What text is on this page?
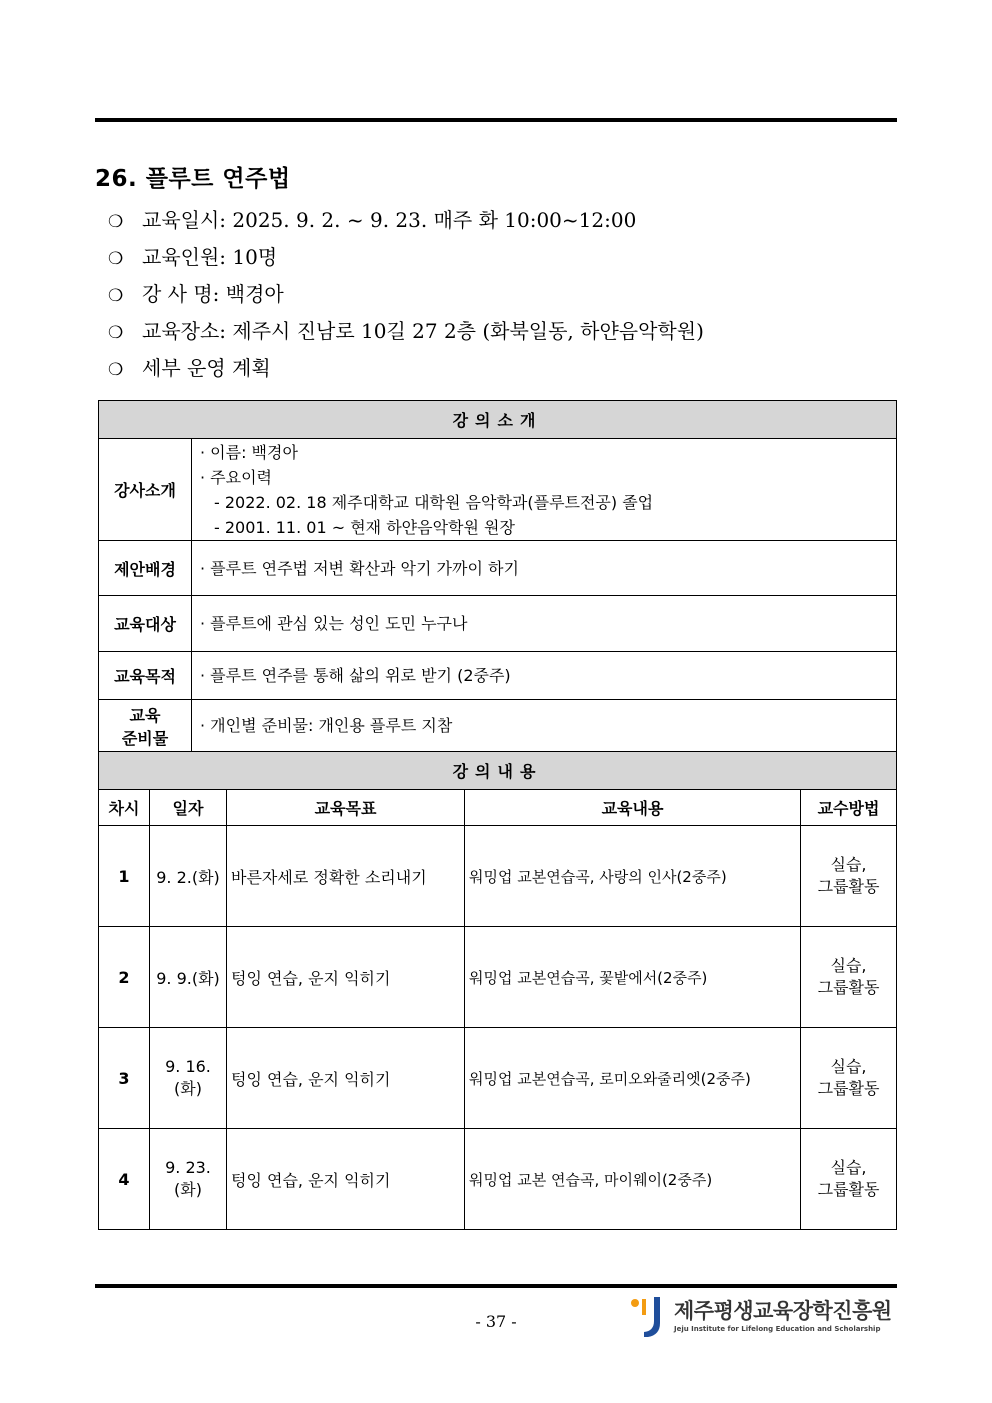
26. 플루트 연주법
❍ 교육일시: 2025. 9. 2. ~ 9. 23. 매주 화 10:00~12:00
❍ 교육인원: 10명
❍ 강 사 명: 백경아
❍ 교육장소: 제주시 진남로 10길 27 2층 (화북일동, 하얀음악학원)
❍ 세부 운영 계획
강의소개					
강사소개		· 이름: 백경아
· 주요이력
- 2022. 02. 18 제주대학교 대학원 음악학과(플루트전공) 졸업
- 2001. 11. 01 ~ 현재 하얀음악학원 원장			

제안배경		· 플루트 연주법 저변 확산과 악기 가까이 하기			
교육대상		· 플루트에 관심 있는 성인 도민 누구나			
교육목적		· 플루트 연주를 통해 삶의 위로 받기 (2중주)			

교육
준비물		· 개인별 준비물: 개인용 플루트 지참			
강의내용					
차시	일자		교육목표	교육내용	교수방법
1	9. 2.(화)		바른자세로 정확한 소리내기	워밍업 교본연습곡, 사랑의 인사(2중주)	실습,
그룹활동

2	9. 9.(화)		텅잉 연습, 운지 익히기	워밍업 교본연습곡, 꽃밭에서(2중주)	실습,
그룹활동

3	9. 16.(화)		텅잉 연습, 운지 익히기	워밍업 교본연습곡, 로미오와줄리엣(2중주)	실습,
그룹활동

4	9. 23.(화)		텅잉 연습, 운지 익히기	워밍업 교본 연습곡, 마이웨이(2중주)	실습,
그룹활동
- 37 -	제주평생교육장학진흥원
Jeju Institute for Lifelong Education and Scholarship
